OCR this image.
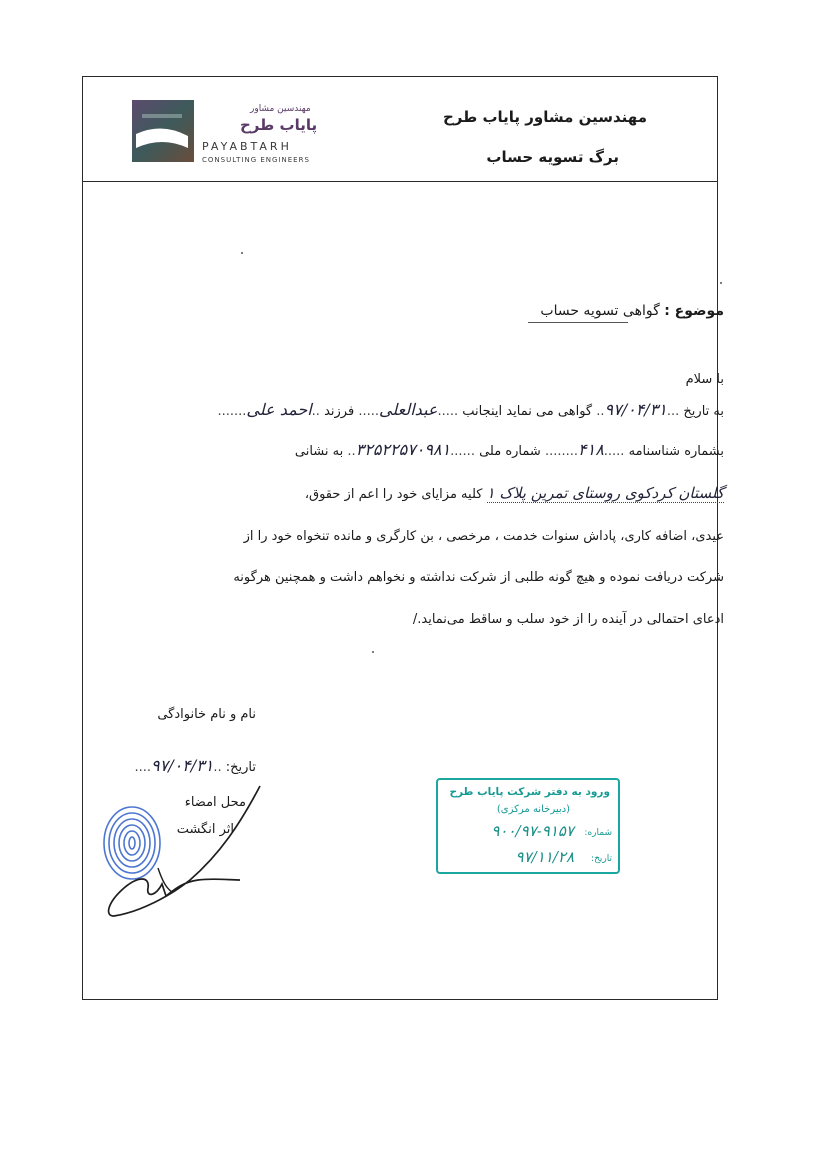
مهندسین مشاور پایاب طرح
برگ تسویه حساب
مهندسین مشاور
پایاب طرح
PAYABTARH
CONSULTING ENGINEERS
موضوع : گواهی تسویه حساب
با سلام
به تاریخ ...۹۷/۰۴/۳۱.. گواهی می نماید اینجانب .....عبدالعلی..... فرزند ..احمد علی.......
بشماره شناسنامه .....۴۱۸........ شماره ملی ......۳۲۵۲۲۵۷۰۹۸۱.. به نشانی
گلستان کردکوی روستای تمرین پلاک ۱ کلیه مزایای خود را اعم از حقوق،
عیدی، اضافه کاری، پاداش سنوات خدمت ، مرخصی ، بن کارگری و مانده تنخواه خود را از
شرکت دریافت نموده و هیچ گونه طلبی از شرکت نداشته و نخواهم داشت و همچنین هرگونه
ادعای احتمالی در آینده را از خود سلب و ساقط می‌نماید./
نام و نام خانوادگی
تاریخ: ..۹۷/۰۴/۳۱....
محل امضاء
اثر انگشت
ورود به دفتر شرکت پایاب طرح
(دبیرخانه مرکزی)
شماره:
۹۰۰/۹۷-۹۱۵۷
تاریخ:
۹۷/۱۱/۲۸
